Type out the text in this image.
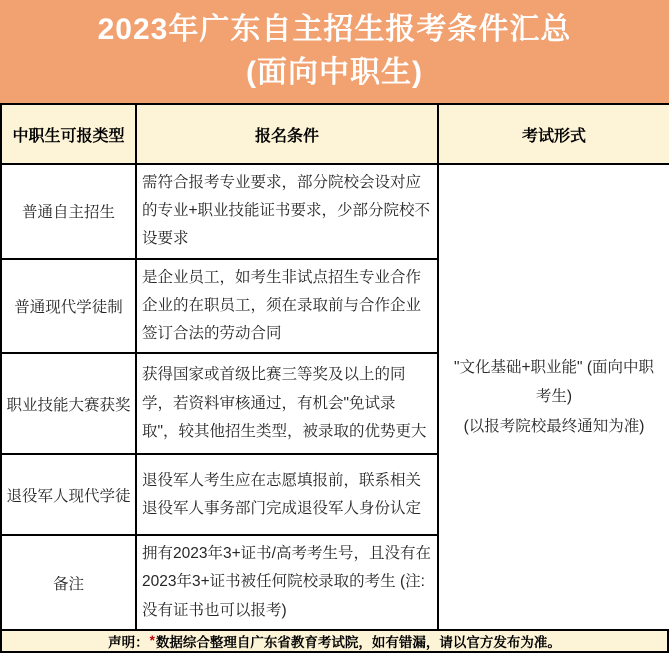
2023年广东自主招生报考条件汇总
(面向中职生)
中职生可报类型	报名条件	考试形式
普通自主招生	需符合报考专业要求，部分院校会设对应的专业+职业技能证书要求，少部分院校不设要求	"文化基础+职业能" (面向中职考生)
(以报考院校最终通知为准)

普通现代学徒制	是企业员工，如考生非试点招生专业合作企业的在职员工，须在录取前与合作企业签订合法的劳动合同	
职业技能大赛获奖	获得国家或首级比赛三等奖及以上的同学，若资料审核通过，有机会"免试录取"，较其他招生类型，被录取的优势更大	
退役军人现代学徒	退役军人考生应在志愿填报前，联系相关退役军人事务部门完成退役军人身份认定	
备注	拥有2023年3+证书/高考考生号，且没有在2023年3+证书被任何院校录取的考生 (注: 没有证书也可以报考)	
声明： * 数据综合整理自广东省教育考试院，如有错漏，请以官方发布为准。
